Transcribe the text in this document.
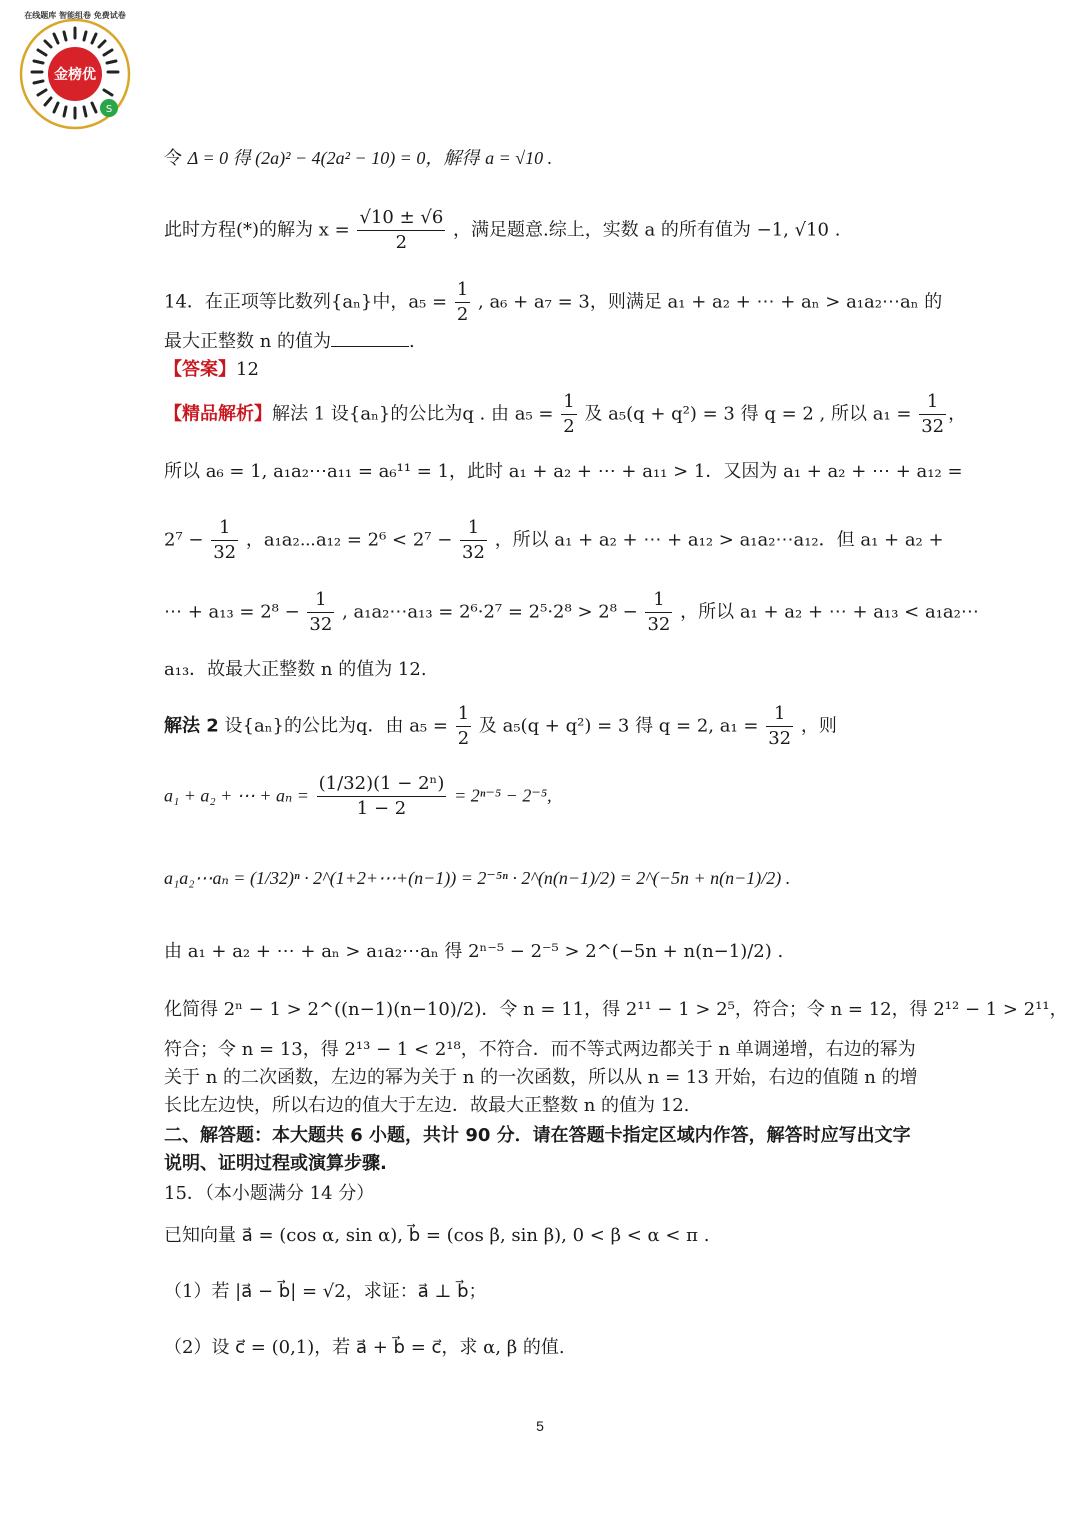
S
金榜优
在线题库 智能组卷 免费试卷
令 Δ = 0 得 (2a)² − 4(2a² − 10) = 0，解得 a = √10 .
此时方程(*)的解为 $x = \frac{√10 \pm √6}{2}$ ，满足题意.综上，实数 a 的所有值为 −1, √10 .
14．在正项等比数列{aₙ}中，$a_5 = \frac{1}{2}$ , a₆ + a₇ = 3，则满足 a₁ + a₂ + ⋯ + aₙ > a₁a₂⋯aₙ 的
最大正整数 n 的值为	.
【答案】12
【精品解析】解法 1 设{aₙ}的公比为q . 由 $a_5 = \frac{1}{2}$ 及 a₅(q + q²) = 3 得 q = 2 , 所以 $a_1 = \frac{1}{32}$ ，
所以 a₆ = 1, a₁a₂⋯a₁₁ = a₆¹¹ = 1，此时 a₁ + a₂ + ⋯ + a₁₁ > 1．又因为 a₁ + a₂ + ⋯ + a₁₂ =
$2^7 - \frac{1}{32}$ ，a₁a₂⋯a₁₂ = $2^6 < 2^7 - \frac{1}{32}$ ，所以 a₁ + a₂ + ⋯ + a₁₂ > a₁a₂⋯a₁₂．但 a₁ + a₂ +
⋯ + $a_{13} = 2^8 - \frac{1}{32}$ , a₁a₂⋯a₁₃ = $2^6\cdot 2^7 = 2^5\cdot 2^8 > 2^8 - \frac{1}{32}$ ，所以 a₁ + a₂ + ⋯ + a₁₃ < a₁a₂⋯
a₁₃．故最大正整数 n 的值为 12.
解法 2 设{aₙ}的公比为q．由 $a_5 = \frac{1}{2}$ 及 a₅(q + q²) = 3 得 q = 2, $a_1 = \frac{1}{32}$ ，则
a₁ + a₂ + ⋯ + $a_n = \frac{\text{(1/32)(1 − 2ⁿ)}}{1 - 2} = 2^{n-5} - 2^{-5}$,
a₁a₂⋯aₙ = (1/32)ⁿ · 2^(1+2+⋯+(n−1)) = 2⁻⁵ⁿ · 2^(n(n−1)/2) = 2^(−5n + n(n−1)/2) .
由 a₁ + a₂ + ⋯ + aₙ > a₁a₂⋯aₙ 得 2ⁿ⁻⁵ − 2⁻⁵ > 2^(−5n + n(n−1)/2) .
化简得 2ⁿ − 1 > 2^((n−1)(n−10)/2)．令 n = 11，得 2¹¹ − 1 > 2⁵，符合；令 n = 12，得 2¹² − 1 > 2¹¹，
符合；令 n = 13，得 2¹³ − 1 < 2¹⁸，不符合．而不等式两边都关于 n 单调递增，右边的幂为关于 n 的二次函数，左边的幂为关于 n 的一次函数，所以从 n = 13 开始，右边的值随 n 的增长比左边快，所以右边的值大于左边．故最大正整数 n 的值为 12.
二、解答题：本大题共 6 小题，共计 90 分．请在答题卡指定区域内作答，解答时应写出文字说明、证明过程或演算步骤.
15．（本小题满分 14 分）
已知向量 a⃗ = (cos α, sin α), b⃗ = (cos β, sin β), 0 < β < α < π .
（1）若 |a⃗ − b⃗| = √2，求证：a⃗ ⊥ b⃗；
（2）设 c⃗ = (0,1)，若 a⃗ + b⃗ = c⃗，求 α, β 的值.
5
